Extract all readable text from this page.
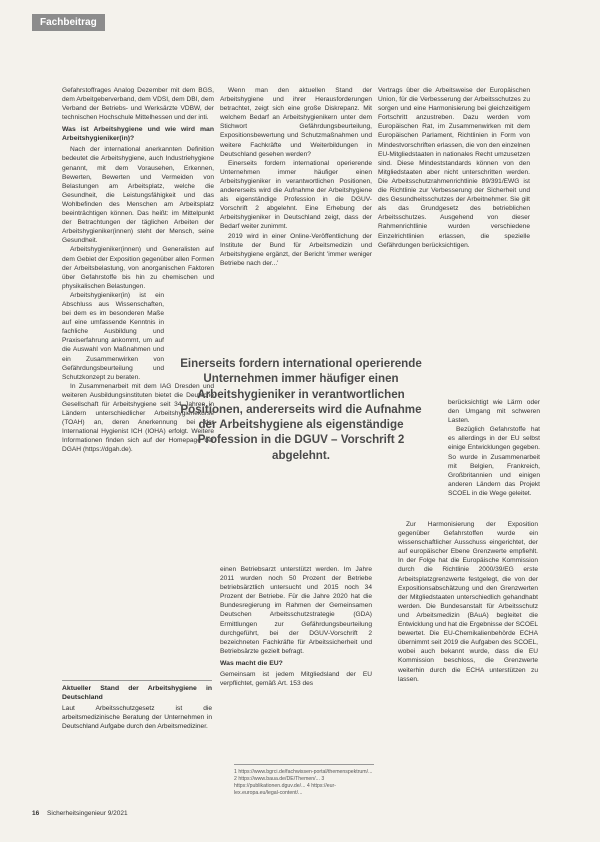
Fachbeitrag

Gefahrstoffrages Analog Dezember mit dem BGS, dem Arbeitgeberverband, dem VDSI, dem DBI, dem Verband der Betriebs- und Werksärzte VDBW, der technischen Hochschule Mittelhessen und der inti.

Was ist Arbeitshygiene und wie wird man Arbeitshygieniker(in)?

Nach der international anerkannten Definition bedeutet die Arbeitshygiene, auch Industriehygiene genannt, mit dem Vorausehen, Erkennen, Bewerten, Bewerten und Vermeiden von Belastungen am Arbeitsplatz, welche die Gesundheit, die Leistungsfähigkeit und das Wohlbefinden des Menschen am Arbeitsplatz beeinträchtigen können. Das heißt: im Mittelpunkt der Betrachtungen der täglichen Arbeiten der Arbeitshygieniker(innen) steht der Mensch, seine Gesundheit.

Arbeitshygieniker(innen) und Generalisten auf dem Gebiet der Exposition gegenüber allen Formen der Arbeitsbelastung, von anorganischen Faktoren über Gefahrstoffe bis hin zu chemischen und physikalischen Belastungen.

Arbeitshygieniker(in) ist ein Abschluss aus Wissenschaften, bei dem es im besonderen Maße auf eine umfassende Kenntnis in fachliche Ausbildung und Praxiserfahrung ankommt, um auf die Auswahl von Maßnahmen und ein Zusammenwirken von Gefährdungsbeurteilung und Schutzkonzept zu beraten.

In Zusammenarbeit mit dem IAG Dresden und weiteren Ausbildungsinstituten bietet die Deutsche Gesellschaft für Arbeitshygiene seit 34 Jahren in Ländern unterschiedlicher Arbeitshygienekurse (TOAH) an, deren Anerkennung bei der International Hygienist ICH (IOHA) erfolgt. Weitere Informationen finden sich auf der Homepage der DGAH (https://dgah.de).

Aktueller Stand der Arbeitshygiene in Deutschland

Laut Arbeitsschutzgesetz ist die arbeitsmedizinische Beratung der Unternehmen in Deutschland Aufgabe durch den Arbeitsmediziner.

Wenn man den aktuellen Stand der Arbeitshygiene und ihrer Herausforderungen betrachtet, zeigt sich eine große Diskrepanz. Mit welchem Bedarf an Arbeitshygienikern unter dem Stichwort Gefährdungsbeurteilung, Expositionsbewertung und Schutzmaßnahmen und weitere Fachkräfte und Weiterbildungen in Deutschland gesehen werden?

Einerseits fordern international operierende Unternehmen immer häufiger einen Arbeitshygieniker in verantwortlichen Positionen, andererseits wird die Aufnahme der Arbeitshygiene als eigenständige Profession in die DGUV-Vorschrift 2 abgelehnt. Eine Erhebung der Arbeitshygieniker in Deutschland zeigt, dass der Bedarf weiter zunimmt.

2019 wird in einer Online-Veröffentlichung der Institute der Bund für Arbeitsmedizin und Arbeitshygiene ergänzt, der Bericht 'immer weniger Betriebe nach der...'

Einerseits fordern international operierende Unternehmen immer häufiger einen Arbeitshygieniker in verantwortlichen Positionen, andererseits wird die Aufnahme der Arbeitshygiene als eigenständige Profession in die DGUV – Vorschrift 2 abgelehnt.

einen Betriebsarzt unterstützt werden. Im Jahre 2011 wurden noch 50 Prozent der Betriebe betriebsärztlich untersucht und 2015 noch 34 Prozent der Betriebe. Für die Jahre 2020 hat die Bundesregierung im Rahmen der Gemeinsamen Deutschen Arbeitsschutzstrategie (GDA) Ermittlungen zur Gefährdungsbeurteilung durchgeführt, bei der DGUV-Vorschrift 2 bezeichneten Fachkräfte für Arbeitssicherheit und Betriebsärzte gezielt befragt.

Was macht die EU?

Gemeinsam ist jedem Mitgliedsland der EU verpflichtet, gemäß Art. 153 des

Vertrags über die Arbeitsweise der Europäischen Union, für die Verbesserung der Arbeitsschutzes zu sorgen und eine Harmonisierung bei gleichzeitigem Fortschritt anzustreben. Dazu werden vom Europäischen Rat, im Zusammenwirken mit dem Europäischen Parlament, Richtlinien in Form von Mindestvorschriften erlassen, die von den einzelnen EU-Mitgliedstaaten in nationales Recht umzusetzen sind. Diese Mindeststandards können von den Mitgliedstaaten aber nicht unterschritten werden. Die Arbeitsschutzrahmenrichtlinie 89/391/EWG ist die Richtlinie zur Verbesserung der Sicherheit und des Gesundheitsschutzes der Arbeitnehmer. Sie gilt als das Grundgesetz des betrieblichen Arbeitsschutzes. Ausgehend von dieser Rahmenrichtlinie wurden verschiedene Einzelrichtlinien erlassen, die spezielle Gefährdungen berücksichtigen.

berücksichtigt wie Lärm oder den Umgang mit schweren Lasten.

Bezüglich Gefahrstoffe hat es allerdings in der EU selbst einige Entwicklungen gegeben. So wurde in Zusammenarbeit mit Belgien, Frankreich, Großbritannien und einigen anderen Ländern das Projekt SCOEL in die Wege geleitet.

Zur Harmonisierung der Exposition gegenüber Gefahrstoffen wurde ein wissenschaftlicher Ausschuss eingerichtet, der auf europäischer Ebene Grenzwerte empfiehlt. In der Folge hat die Europäische Kommission durch die Richtlinie 2000/39/EG erste Arbeitsplatzgrenzwerte festgelegt, die von der Expositionsabschätzung und den Grenzwerten der Mitgliedstaaten unterschiedlich gehandhabt werden. Die Bundesanstalt für Arbeitsschutz und Arbeitsmedizin (BAuA) begleitet die Entwicklung und hat die Ergebnisse der SCOEL bewertet. Die EU-Chemikalienbehörde ECHA übernimmt seit 2019 die Aufgaben des SCOEL, wobei auch bekannt wurde, dass die EU Kommission beschloss, die Grenzwerte weiterhin durch die ECHA unterstützen zu lassen.

1 https://www.bgrci.de/fachwissen-portal/themenspektrum/... 2 https://www.baua.de/DE/Themen/... 3 https://publikationen.dguv.de/... 4 https://eur-lex.europa.eu/legal-content/...
16 Sicherheitsingenieur 9/2021
